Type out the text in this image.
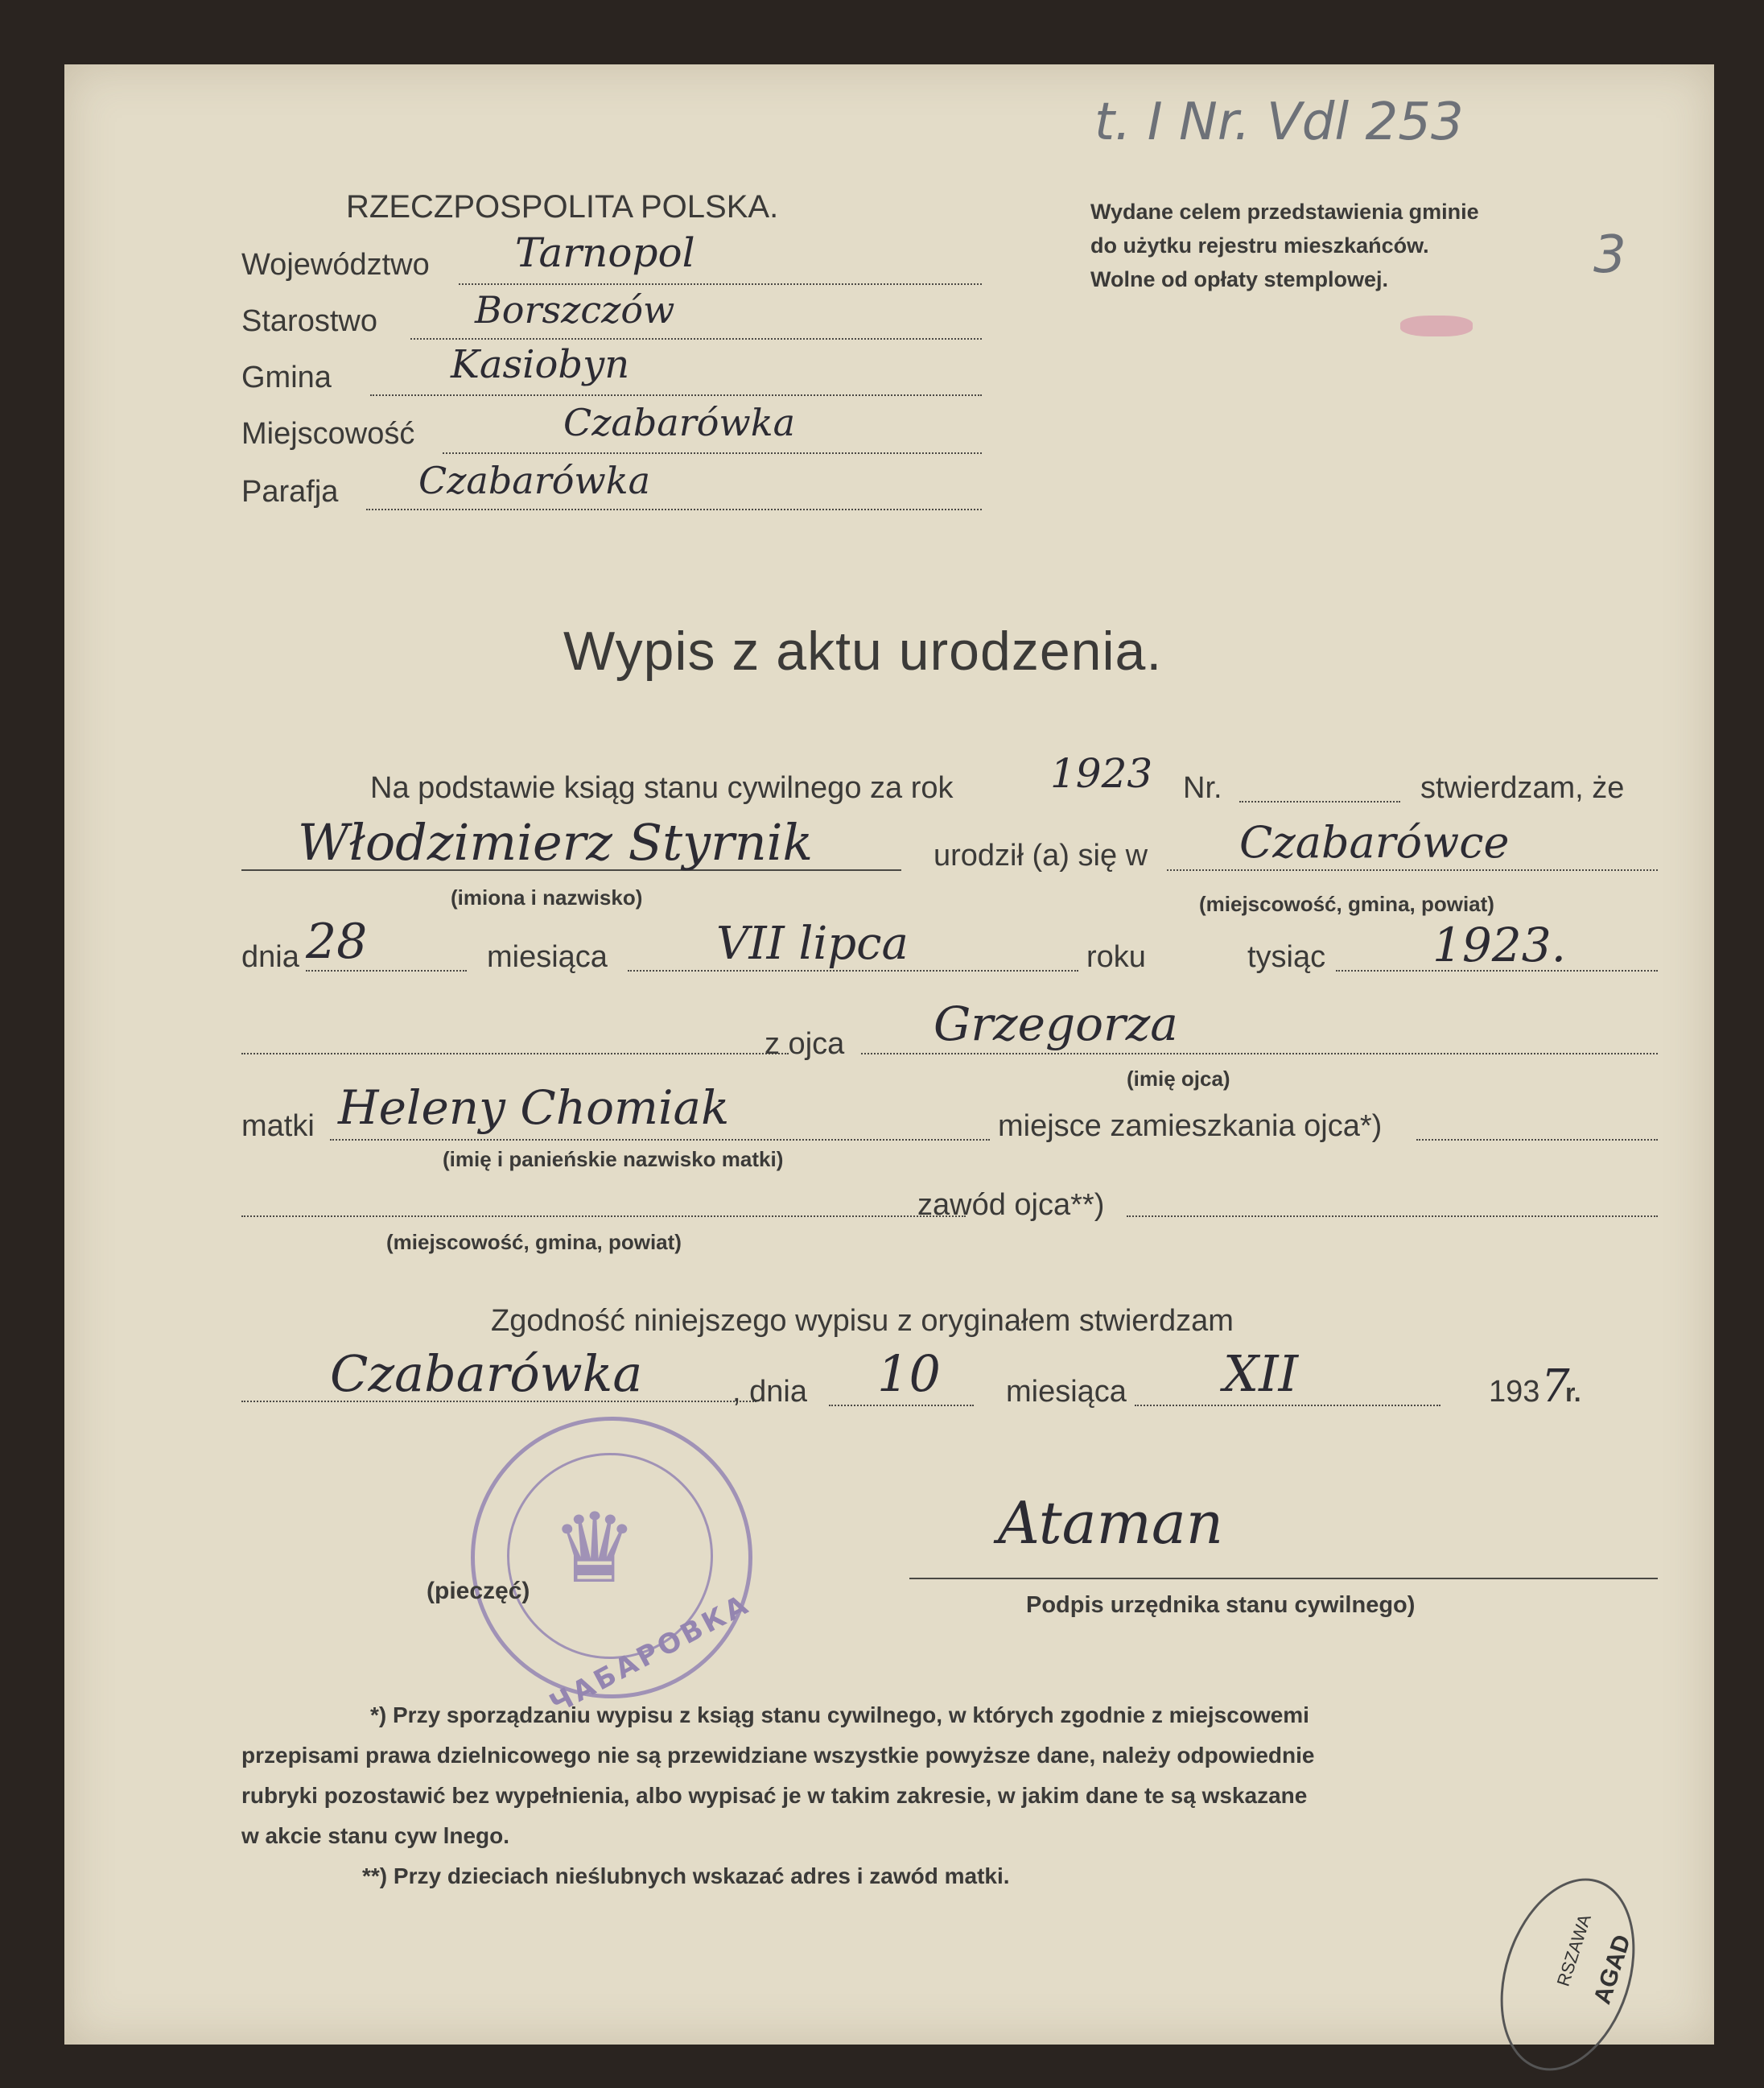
RZECZPOSPOLITA POLSKA.
Województwo Tarnopol
Starostwo	Borszczów
Gmina	Kasiobyn
Miejscowość	Czabarówka
Parafja Czabarówka
Wydane celem przedstawienia gminie
do użytku rejestru mieszkańców.
Wolne od opłaty stemplowej.
t. I Nr. Vdl 253
3
Wypis z aktu urodzenia.
Na podstawie ksiąg stanu cywilnego za rok 1923 Nr.	stwierdzam, że
Włodzimierz Styrnik	urodził (a) się w Czabarówce
(imiona i nazwisko)	(miejscowość, gmina, powiat)
dnia 28	miesiąca VII lipca	roku	tysiąc 1923.
z ojca Grzegorza
(imię ojca)
matki Heleny Chomiak	miejsce zamieszkania ojca*)
(imię i panieńskie nazwisko matki)
zawód ojca**)
(miejscowość, gmina, powiat)
Zgodność niniejszego wypisu z oryginałem stwierdzam
Czabarówka	, dnia 10 miesiąca XII	193 7
r.
♛
ЧАБАРОВКА
(pieczęć)
Ataman
Podpis urzędnika stanu cywilnego)
*) Przy sporządzaniu wypisu z ksiąg stanu cywilnego, w których zgodnie z miejscowemi
przepisami prawa dzielnicowego nie są przewidziane wszystkie powyższe dane, należy odpowiednie
rubryki pozostawić bez wypełnienia, albo wypisać je w takim zakresie, w jakim dane te są wskazane
w akcie stanu cyw lnego.
**) Przy dzieciach nieślubnych wskazać adres i zawód matki.
RSZAWA
AGAD
